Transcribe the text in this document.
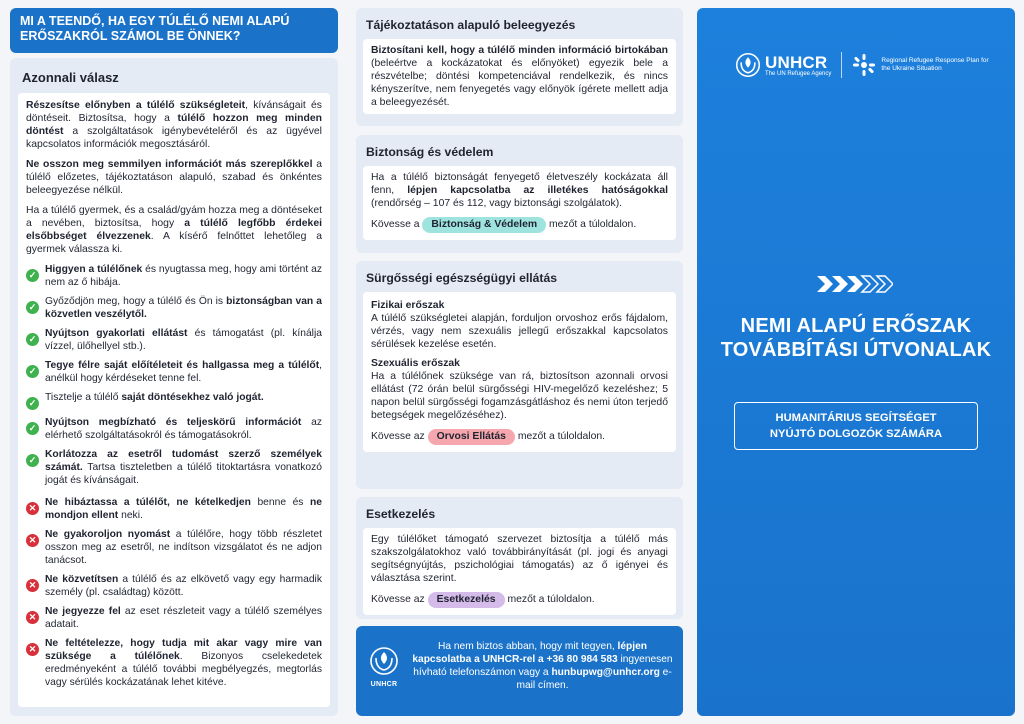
MI A TEENDŐ, HA EGY TÚLÉLŐ NEMI ALAPÚ ERŐSZAKRÓL SZÁMOL BE ÖNNEK?
Azonnali válasz

Részesítse előnyben a túlélő szükségleteit, kívánságait és döntéseit. Biztosítsa, hogy a túlélő hozzon meg minden döntést a szolgáltatások igénybevételéről és az ügyével kapcsolatos információk megosztásáról.

Ne osszon meg semmilyen információt más szereplőkkel a túlélő előzetes, tájékoztatáson alapuló, szabad és önkéntes beleegyezése nélkül.

Ha a túlélő gyermek, és a család/gyám hozza meg a döntéseket a nevében, biztosítsa, hogy a túlélő legfőbb érdekei elsőbbséget élvezzenek. A kísérő felnőttet lehetőleg a gyermek válassza ki.

✓ Higgyen a túlélőnek és nyugtassa meg, hogy ami történt az nem az ő hibája.
✓ Győződjön meg, hogy a túlélő és Ön is biztonságban van a közvetlen veszélytől.
✓ Nyújtson gyakorlati ellátást és támogatást (pl. kínálja vízzel, ülőhellyel stb.).
✓ Tegye félre saját előítéleteit és hallgassa meg a túlélőt, anélkül hogy kérdéseket tenne fel.
✓ Tisztelje a túlélő saját döntésekhez való jogát.
✓ Nyújtson megbízható és teljeskörű információt az elérhető szolgáltatásokról és támogatásokról.
✓ Korlátozza az esetről tudomást szerző személyek számát. Tartsa tiszteletben a túlélő titoktartásra vonatkozó jogát és kívánságait.
✕ Ne hibáztassa a túlélőt, ne kételkedjen benne és ne mondjon ellent neki.
✕ Ne gyakoroljon nyomást a túlélőre, hogy több részletet osszon meg az esetről, ne indítson vizsgálatot és ne adjon tanácsot.
✕ Ne közvetítsen a túlélő és az elkövető vagy egy harmadik személy (pl. családtag) között.
✕ Ne jegyezze fel az eset részleteit vagy a túlélő személyes adatait.
✕ Ne feltételezze, hogy tudja mit akar vagy mire van szüksége a túlélőnek. Bizonyos cselekedetek eredményeként a túlélő további megbélyegzés, megtorlás vagy sérülés kockázatának lehet kitéve.
Tájékoztatáson alapuló beleegyezés

Biztosítani kell, hogy a túlélő minden információ birtokában (beleértve a kockázatokat és előnyöket) egyezik bele a részvételbe; döntési kompetenciával rendelkezik, és nincs kényszerítve, nem fenyegetés vagy előnyök ígérete mellett adja a beleegyezését.

Biztonság és védelem

Ha a túlélő biztonságát fenyegető életveszély kockázata áll fenn, lépjen kapcsolatba az illetékes hatóságokkal (rendőrség – 107 és 112, vagy biztonsági szolgálatok).

Kövesse a Biztonság & Védelem mezőt a túloldalon.

Sürgősségi egészségügyi ellátás

Fizikai erőszak

A túlélő szükségletei alapján, forduljon orvoshoz erős fájdalom, vérzés, vagy nem szexuális jellegű erőszakkal kapcsolatos sérülések kezelése esetén.

Szexuális erőszak

Ha a túlélőnek szüksége van rá, biztosítson azonnali orvosi ellátást (72 órán belül sürgősségi HIV-megelőző kezeléshez; 5 napon belül sürgősségi fogamzásgátláshoz és nemi úton terjedő betegségek megelőzéséhez).

Kövesse az Orvosi Ellátás mezőt a túloldalon.

Esetkezelés

Egy túlélőket támogató szervezet biztosítja a túlélő más szakszolgálatokhoz való továbbirányítását (pl. jogi és anyagi segítségnyújtás, pszichológiai támogatás) az ő igényei és választása szerint.

Kövesse az Esetkezelés mezőt a túloldalon.

UNHCR
Ha nem biztos abban, hogy mit tegyen, lépjen kapcsolatba a UNHCR-rel a +36 80 984 583 ingyenesen hívható telefonszámon vagy a hunbupwg@unhcr.org e-mail címen.
UNHCR
The UN Refugee Agency
Regional Refugee Response Plan for the Ukraine Situation
NEMI ALAPÚ ERŐSZAK
TOVÁBBÍTÁSI ÚTVONALAK
HUMANITÁRIUS SEGÍTSÉGET
NYÚJTÓ DOLGOZÓK SZÁMÁRA
